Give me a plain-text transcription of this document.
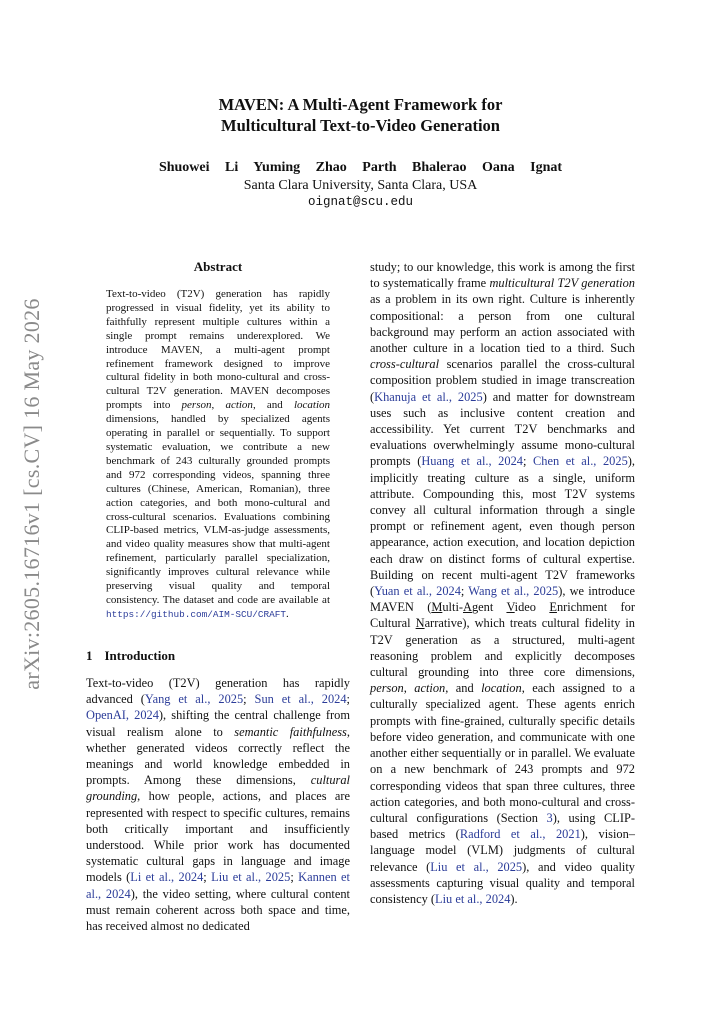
arXiv:2605.16716v1 [cs.CV] 16 May 2026
MAVEN: A Multi-Agent Framework for
Multicultural Text-to-Video Generation
Shuowei Li Yuming Zhao Parth Bhalerao Oana Ignat
Santa Clara University, Santa Clara, USA
oignat@scu.edu
Abstract

Text-to-video (T2V) generation has rapidly progressed in visual fidelity, yet its ability to faithfully represent multiple cultures within a single prompt remains underexplored. We introduce MAVEN, a multi-agent prompt refinement framework designed to improve cultural fidelity in both mono-cultural and cross-cultural T2V generation. MAVEN decomposes prompts into person, action, and location dimensions, handled by specialized agents operating in parallel or sequentially. To support systematic evaluation, we contribute a new benchmark of 243 culturally grounded prompts and 972 corresponding videos, spanning three cultures (Chinese, American, Romanian), three action categories, and both mono-cultural and cross-cultural scenarios. Evaluations combining CLIP-based metrics, VLM-as-judge assessments, and video quality measures show that multi-agent refinement, particularly parallel specialization, significantly improves cultural relevance while preserving visual quality and temporal consistency. The dataset and code are available at https://github.com/AIM-SCU/CRAFT.

1 Introduction

Text-to-video (T2V) generation has rapidly advanced (Yang et al., 2025; Sun et al., 2024; OpenAI, 2024), shifting the central challenge from visual realism alone to semantic faithfulness, whether generated videos correctly reflect the meanings and world knowledge embedded in prompts. Among these dimensions, cultural grounding, how people, actions, and places are represented with respect to specific cultures, remains both critically important and insufficiently understood. While prior work has documented systematic cultural gaps in language and image models (Li et al., 2024; Liu et al., 2025; Kannen et al., 2024), the video setting, where cultural content must remain coherent across both space and time, has received almost no dedicated

study; to our knowledge, this work is among the first to systematically frame multicultural T2V generation as a problem in its own right. Culture is inherently compositional: a person from one cultural background may perform an action associated with another culture in a location tied to a third. Such cross-cultural scenarios parallel the cross-cultural composition problem studied in image transcreation (Khanuja et al., 2025) and matter for downstream uses such as inclusive content creation and accessibility. Yet current T2V benchmarks and evaluations overwhelmingly assume mono-cultural prompts (Huang et al., 2024; Chen et al., 2025), implicitly treating culture as a single, uniform attribute. Compounding this, most T2V systems convey all cultural information through a single prompt or refinement agent, even though person appearance, action execution, and location depiction each draw on distinct forms of cultural expertise. Building on recent multi-agent T2V frameworks (Yuan et al., 2024; Wang et al., 2025), we introduce MAVEN (Multi-Agent Video Enrichment for Cultural Narrative), which treats cultural fidelity in T2V generation as a structured, multi-agent reasoning problem and explicitly decomposes cultural grounding into three core dimensions, person, action, and location, each assigned to a culturally specialized agent. These agents enrich prompts with fine-grained, culturally specific details before video generation, and communicate with one another either sequentially or in parallel. We evaluate on a new benchmark of 243 prompts and 972 corresponding videos that span three cultures, three action categories, and both mono-cultural and cross-cultural configurations (Section 3), using CLIP-based metrics (Radford et al., 2021), vision–language model (VLM) judgments of cultural relevance (Liu et al., 2025), and video quality assessments capturing visual quality and temporal consistency (Liu et al., 2024).
